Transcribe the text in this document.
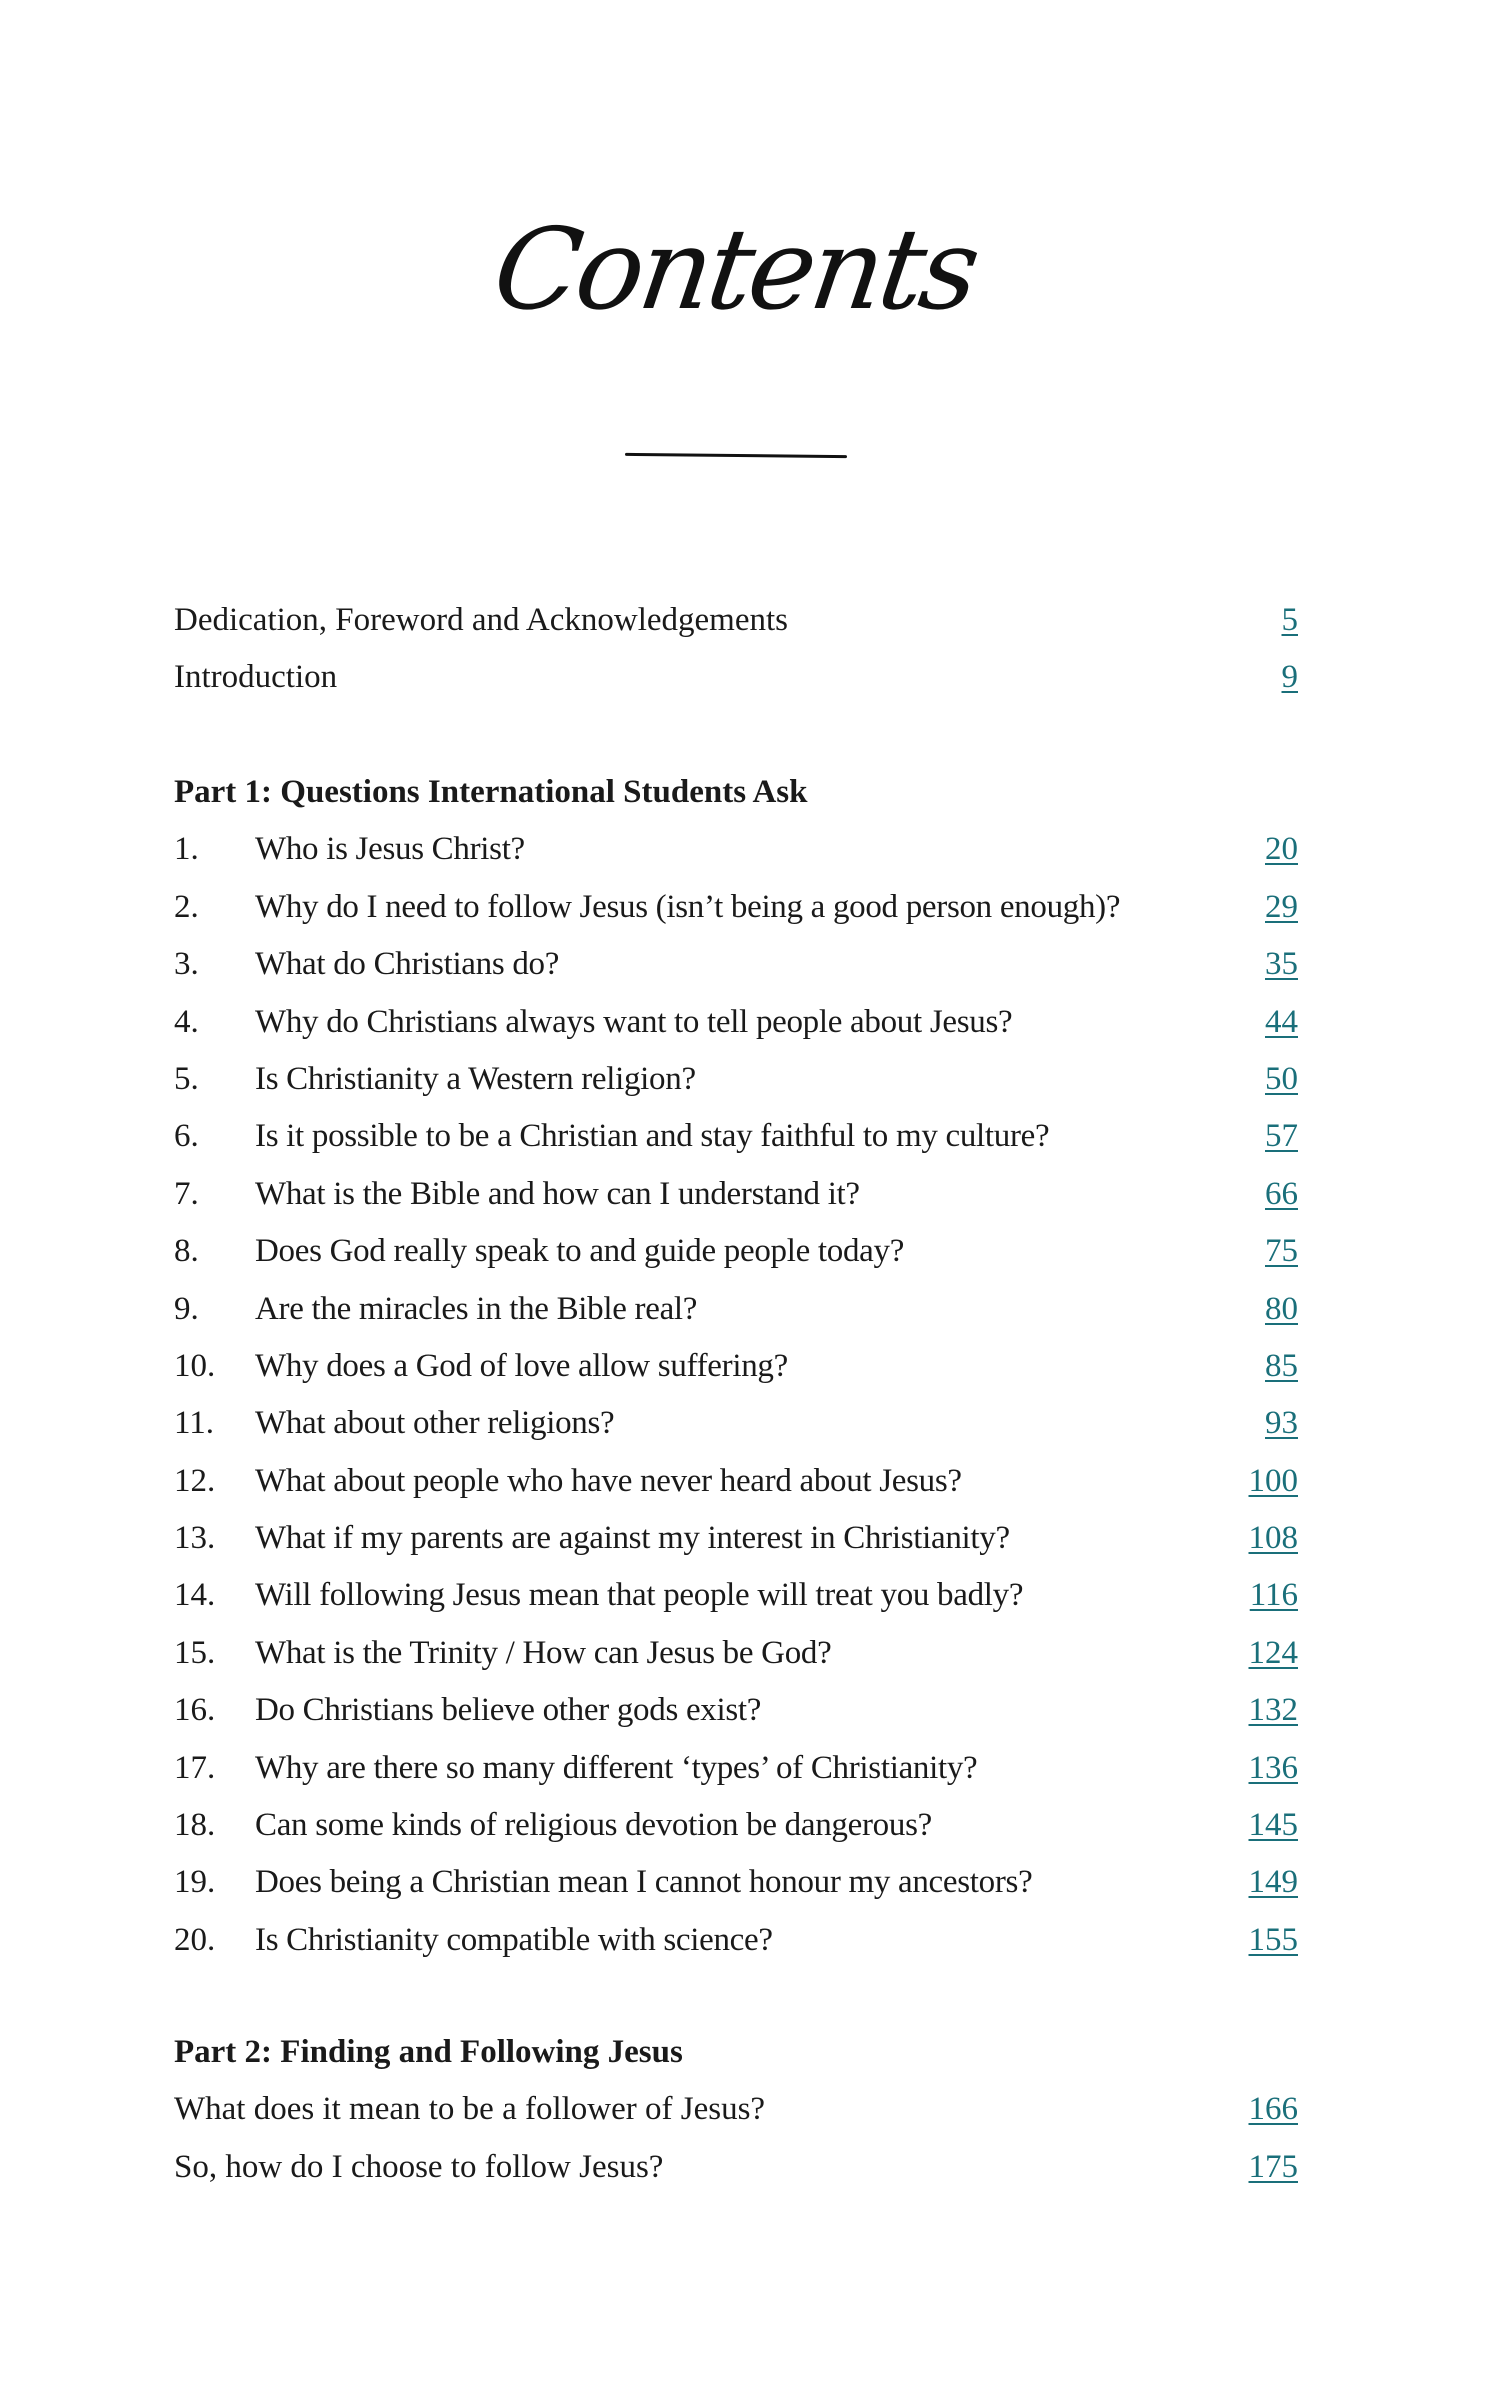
Contents
Dedication, Foreword and Acknowledgements	5
Introduction	9
Part 1: Questions International Students Ask
1. Who is Jesus Christ?	20
2. Why do I need to follow Jesus (isn’t being a good person enough)?	29
3. What do Christians do?	35
4. Why do Christians always want to tell people about Jesus?	44
5. Is Christianity a Western religion?	50
6. Is it possible to be a Christian and stay faithful to my culture?	57
7. What is the Bible and how can I understand it?	66
8. Does God really speak to and guide people today?	75
9. Are the miracles in the Bible real?	80
10. Why does a God of love allow suffering?	85
11. What about other religions?	93
12. What about people who have never heard about Jesus?	100
13. What if my parents are against my interest in Christianity?	108
14. Will following Jesus mean that people will treat you badly?	116
15. What is the Trinity / How can Jesus be God?	124
16. Do Christians believe other gods exist?	132
17. Why are there so many different ‘types’ of Christianity?	136
18. Can some kinds of religious devotion be dangerous?	145
19. Does being a Christian mean I cannot honour my ancestors?	149
20. Is Christianity compatible with science?	155
Part 2: Finding and Following Jesus
What does it mean to be a follower of Jesus?	166
So, how do I choose to follow Jesus?	175
